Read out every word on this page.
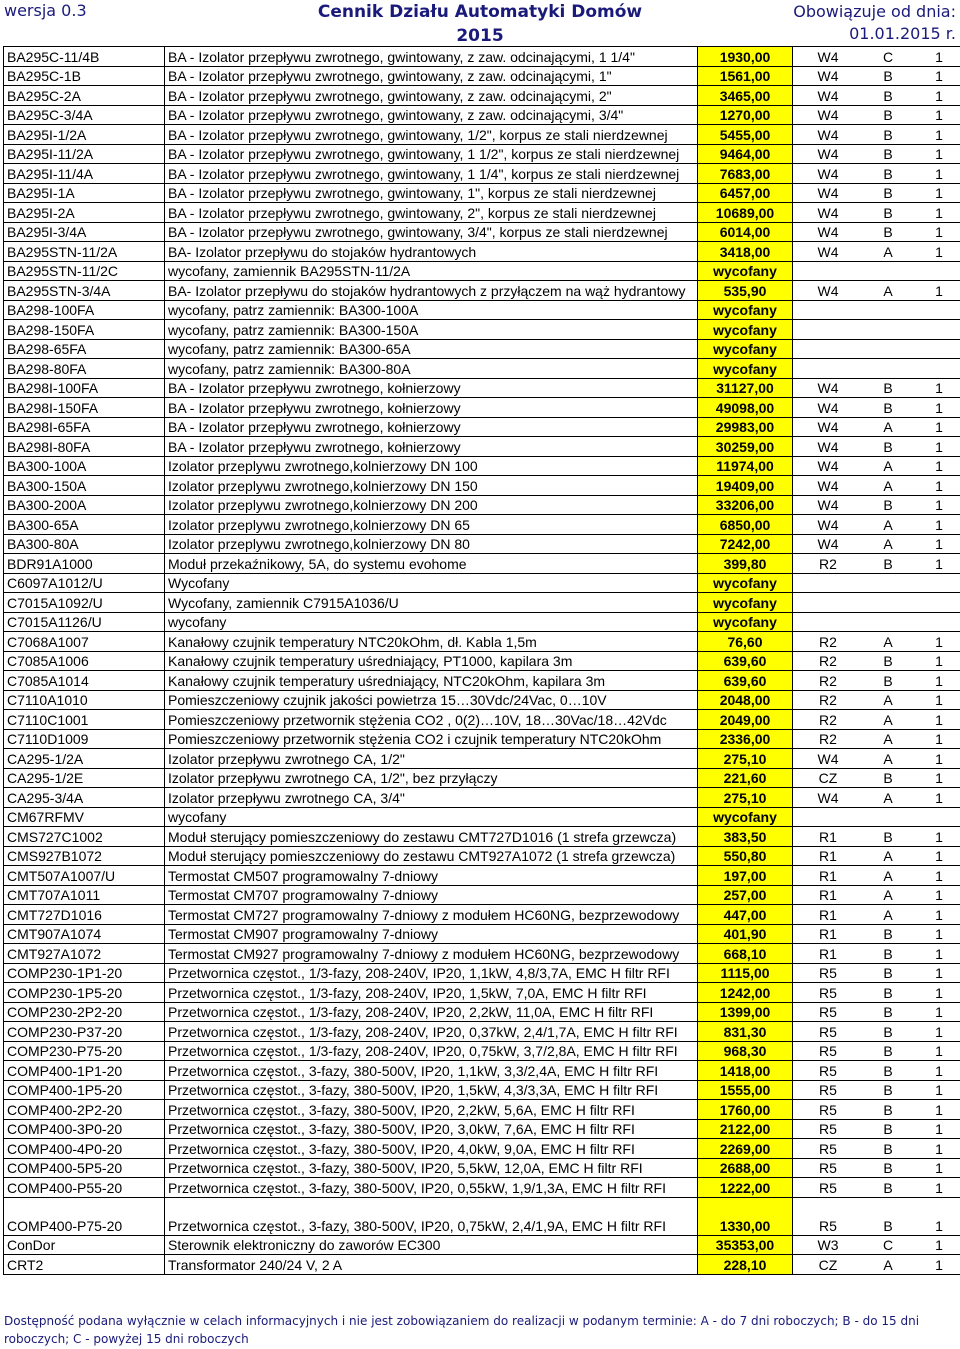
wersja 0.3	Cennik Działu Automatyki Domów
2015
Obowiązuje od dnia:
01.01.2015 r.
BA295C-11/4B	BA - Izolator przepływu zwrotnego, gwintowany, z zaw. odcinającymi, 1 1/4"	1930,00	W4	C	1
BA295C-1B	BA - Izolator przepływu zwrotnego, gwintowany, z zaw. odcinającymi, 1"	1561,00	W4	B	1
BA295C-2A	BA - Izolator przepływu zwrotnego, gwintowany, z zaw. odcinającymi, 2"	3465,00	W4	B	1
BA295C-3/4A	BA - Izolator przepływu zwrotnego, gwintowany, z zaw. odcinającymi, 3/4"	1270,00	W4	B	1
BA295I-1/2A	BA - Izolator przepływu zwrotnego, gwintowany, 1/2", korpus ze stali nierdzewnej	5455,00	W4	B	1
BA295I-11/2A	BA - Izolator przepływu zwrotnego, gwintowany, 1 1/2", korpus ze stali nierdzewnej	9464,00	W4	B	1
BA295I-11/4A	BA - Izolator przepływu zwrotnego, gwintowany, 1 1/4", korpus ze stali nierdzewnej	7683,00	W4	B	1
BA295I-1A	BA - Izolator przepływu zwrotnego, gwintowany, 1", korpus ze stali nierdzewnej	6457,00	W4	B	1
BA295I-2A	BA - Izolator przepływu zwrotnego, gwintowany, 2", korpus ze stali nierdzewnej	10689,00	W4	B	1
BA295I-3/4A	BA - Izolator przepływu zwrotnego, gwintowany, 3/4", korpus ze stali nierdzewnej	6014,00	W4	B	1
BA295STN-11/2A	BA- Izolator przepływu do stojaków hydrantowych	3418,00	W4	A	1
BA295STN-11/2C	wycofany, zamiennik BA295STN-11/2A	wycofany			
BA295STN-3/4A	BA- Izolator przepływu do stojaków hydrantowych z przyłączem na wąż hydrantowy	535,90	W4	A	1
BA298-100FA	wycofany, patrz zamiennik: BA300-100A	wycofany			
BA298-150FA	wycofany, patrz zamiennik: BA300-150A	wycofany			
BA298-65FA	wycofany, patrz zamiennik: BA300-65A	wycofany			
BA298-80FA	wycofany, patrz zamiennik: BA300-80A	wycofany			
BA298I-100FA	BA - Izolator przepływu zwrotnego, kołnierzowy	31127,00	W4	B	1
BA298I-150FA	BA - Izolator przepływu zwrotnego, kołnierzowy	49098,00	W4	B	1
BA298I-65FA	BA - Izolator przepływu zwrotnego, kołnierzowy	29983,00	W4	A	1
BA298I-80FA	BA - Izolator przepływu zwrotnego, kołnierzowy	30259,00	W4	B	1
BA300-100A	Izolator przeplywu zwrotnego,kolnierzowy DN 100	11974,00	W4	A	1
BA300-150A	Izolator przeplywu zwrotnego,kolnierzowy DN 150	19409,00	W4	A	1
BA300-200A	Izolator przeplywu zwrotnego,kolnierzowy DN 200	33206,00	W4	B	1
BA300-65A	Izolator przeplywu zwrotnego,kolnierzowy DN 65	6850,00	W4	A	1
BA300-80A	Izolator przeplywu zwrotnego,kolnierzowy DN 80	7242,00	W4	A	1
BDR91A1000	Moduł przekaźnikowy, 5A, do systemu evohome	399,80	R2	B	1
C6097A1012/U	Wycofany	wycofany			
C7015A1092/U	Wycofany, zamiennik C7915A1036/U	wycofany			
C7015A1126/U	wycofany	wycofany			
C7068A1007	Kanałowy czujnik temperatury NTC20kOhm, dł. Kabla 1,5m	76,60	R2	A	1
C7085A1006	Kanałowy czujnik temperatury uśredniający, PT1000, kapilara 3m	639,60	R2	B	1
C7085A1014	Kanałowy czujnik temperatury uśredniający, NTC20kOhm, kapilara 3m	639,60	R2	B	1
C7110A1010	Pomieszczeniowy czujnik jakości powietrza 15…30Vdc/24Vac, 0…10V	2048,00	R2	A	1
C7110C1001	Pomieszczeniowy przetwornik stężenia CO2 , 0(2)…10V, 18…30Vac/18…42Vdc	2049,00	R2	A	1
C7110D1009	Pomieszczeniowy przetwornik stężenia CO2 i czujnik temperatury NTC20kOhm	2336,00	R2	A	1
CA295-1/2A	Izolator przepływu zwrotnego CA, 1/2"	275,10	W4	A	1
CA295-1/2E	Izolator przepływu zwrotnego CA, 1/2", bez przyłączy	221,60	CZ	B	1
CA295-3/4A	Izolator przepływu zwrotnego CA, 3/4"	275,10	W4	A	1
CM67RFMV	wycofany	wycofany			
CMS727C1002	Moduł sterujący pomieszczeniowy do zestawu CMT727D1016 (1 strefa grzewcza)	383,50	R1	B	1
CMS927B1072	Moduł sterujący pomieszczeniowy do zestawu CMT927A1072 (1 strefa grzewcza)	550,80	R1	A	1
CMT507A1007/U	Termostat CM507 programowalny 7-dniowy	197,00	R1	A	1
CMT707A1011	Termostat CM707 programowalny 7-dniowy	257,00	R1	A	1
CMT727D1016	Termostat CM727 programowalny 7-dniowy z modułem HC60NG, bezprzewodowy	447,00	R1	A	1
CMT907A1074	Termostat CM907 programowalny 7-dniowy	401,90	R1	B	1
CMT927A1072	Termostat CM927 programowalny 7-dniowy z modułem HC60NG, bezprzewodowy	668,10	R1	B	1
COMP230-1P1-20	Przetwornica częstot., 1/3-fazy, 208-240V, IP20, 1,1kW, 4,8/3,7A, EMC H filtr RFI	1115,00	R5	B	1
COMP230-1P5-20	Przetwornica częstot., 1/3-fazy, 208-240V, IP20, 1,5kW, 7,0A, EMC H filtr RFI	1242,00	R5	B	1
COMP230-2P2-20	Przetwornica częstot., 1/3-fazy, 208-240V, IP20, 2,2kW, 11,0A, EMC H filtr RFI	1399,00	R5	B	1
COMP230-P37-20	Przetwornica częstot., 1/3-fazy, 208-240V, IP20, 0,37kW, 2,4/1,7A, EMC H filtr RFI	831,30	R5	B	1
COMP230-P75-20	Przetwornica częstot., 1/3-fazy, 208-240V, IP20, 0,75kW, 3,7/2,8A, EMC H filtr RFI	968,30	R5	B	1
COMP400-1P1-20	Przetwornica częstot., 3-fazy, 380-500V, IP20, 1,1kW, 3,3/2,4A, EMC H filtr RFI	1418,00	R5	B	1
COMP400-1P5-20	Przetwornica częstot., 3-fazy, 380-500V, IP20, 1,5kW, 4,3/3,3A, EMC H filtr RFI	1555,00	R5	B	1
COMP400-2P2-20	Przetwornica częstot., 3-fazy, 380-500V, IP20, 2,2kW, 5,6A, EMC H filtr RFI	1760,00	R5	B	1
COMP400-3P0-20	Przetwornica częstot., 3-fazy, 380-500V, IP20, 3,0kW, 7,6A, EMC H filtr RFI	2122,00	R5	B	1
COMP400-4P0-20	Przetwornica częstot., 3-fazy, 380-500V, IP20, 4,0kW, 9,0A, EMC H filtr RFI	2269,00	R5	B	1
COMP400-5P5-20	Przetwornica częstot., 3-fazy, 380-500V, IP20, 5,5kW, 12,0A, EMC H filtr RFI	2688,00	R5	B	1
COMP400-P55-20	Przetwornica częstot., 3-fazy, 380-500V, IP20, 0,55kW, 1,9/1,3A, EMC H filtr RFI	1222,00	R5	B	1
COMP400-P75-20	Przetwornica częstot., 3-fazy, 380-500V, IP20, 0,75kW, 2,4/1,9A, EMC H filtr RFI	1330,00	R5	B	1
ConDor	Sterownik elektroniczny do zaworów EC300	35353,00	W3	C	1
CRT2	Transformator 240/24 V, 2 A	228,10	CZ	A	1
Dostępność podana wyłącznie w celach informacyjnych i nie jest zobowiązaniem do realizacji w podanym terminie: A - do 7 dni roboczych; B - do 15 dni roboczych; C - powyżej 15 dni roboczych
